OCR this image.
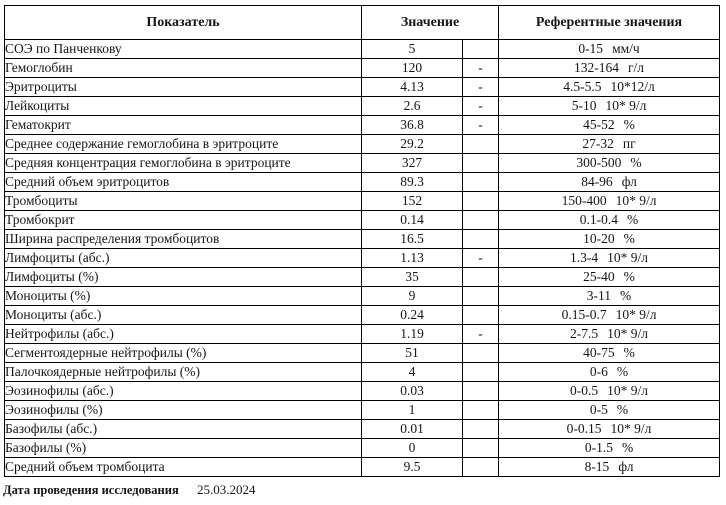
Показатель	Значение		Референтные значения
СОЭ по Панченкову	5		0-15 мм/ч
Гемоглобин	120	-	132-164 г/л
Эритроциты	4.13	-	4.5-5.5 10*12/л
Лейкоциты	2.6	-	5-10 10* 9/л
Гематокрит	36.8	-	45-52 %
Среднее содержание гемоглобина в эритроците	29.2		27-32 пг
Средняя концентрация гемоглобина в эритроците	327		300-500 %
Средний объем эритроцитов	89.3		84-96 фл
Тромбоциты	152		150-400 10* 9/л
Тромбокрит	0.14		0.1-0.4 %
Ширина распределения тромбоцитов	16.5		10-20 %
Лимфоциты (абс.)	1.13	-	1.3-4 10* 9/л
Лимфоциты (%)	35		25-40 %
Моноциты (%)	9		3-11 %
Моноциты (абс.)	0.24		0.15-0.7 10* 9/л
Нейтрофилы (абс.)	1.19	-	2-7.5 10* 9/л
Сегментоядерные нейтрофилы (%)	51		40-75 %
Палочкоядерные нейтрофилы (%)	4		0-6 %
Эозинофилы (абс.)	0.03		0-0.5 10* 9/л
Эозинофилы (%)	1		0-5 %
Базофилы (абс.)	0.01		0-0.15 10* 9/л
Базофилы (%)	0		0-1.5 %
Средний объем тромбоцита	9.5		8-15 фл
Дата проведения исследования 25.03.2024
